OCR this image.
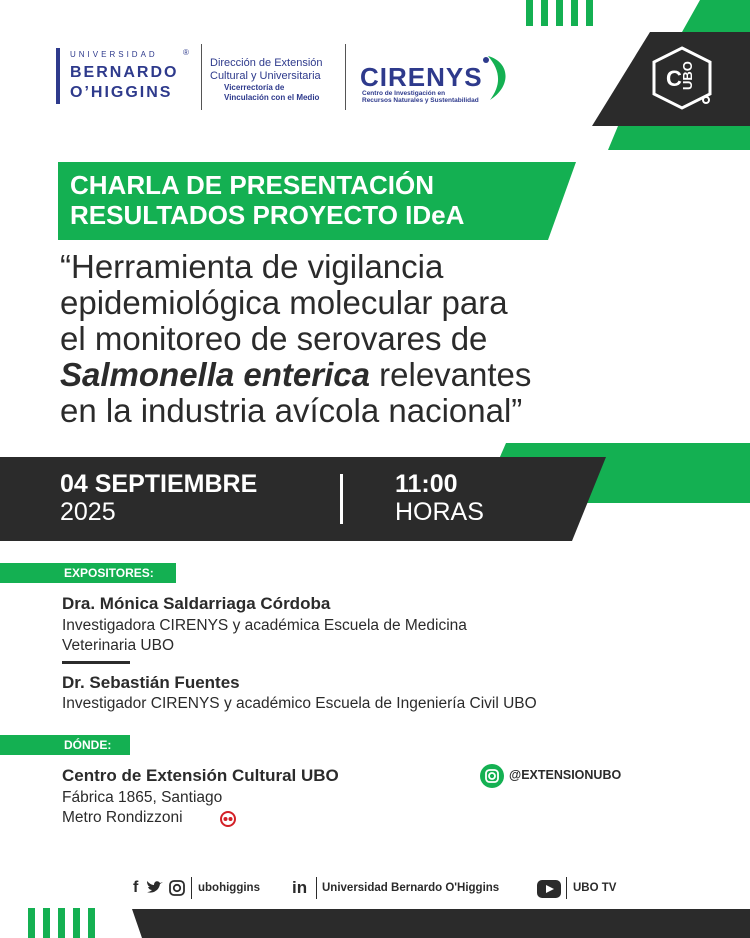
C
UBO
UNIVERSIDAD
BERNARDO
O’HIGGINS
®
Dirección de Extensión
Cultural y Universitaria
Vicerrectoría de
Vinculación con el Medio
CIRENYS
Centro de Investigación en
Recursos Naturales y Sustentabilidad
CHARLA DE PRESENTACIÓN
RESULTADOS PROYECTO IDeA
“Herramienta de vigilancia
epidemiológica molecular para
el monitoreo de serovares de
Salmonella enterica relevantes
en la industria avícola nacional”
04 SEPTIEMBRE
2025
11:00
HORAS
EXPOSITORES:
Dra. Mónica Saldarriaga Córdoba
Investigadora CIRENYS y académica Escuela de Medicina
Veterinaria UBO
Dr. Sebastián Fuentes
Investigador CIRENYS y académico Escuela de Ingeniería Civil UBO
DÓNDE:
Centro de Extensión Cultural UBO
Fábrica 1865, Santiago
Metro Rondizzoni
@EXTENSIONUBO
f	ubohiggins in Universidad Bernardo O'Higgins	UBO TV
